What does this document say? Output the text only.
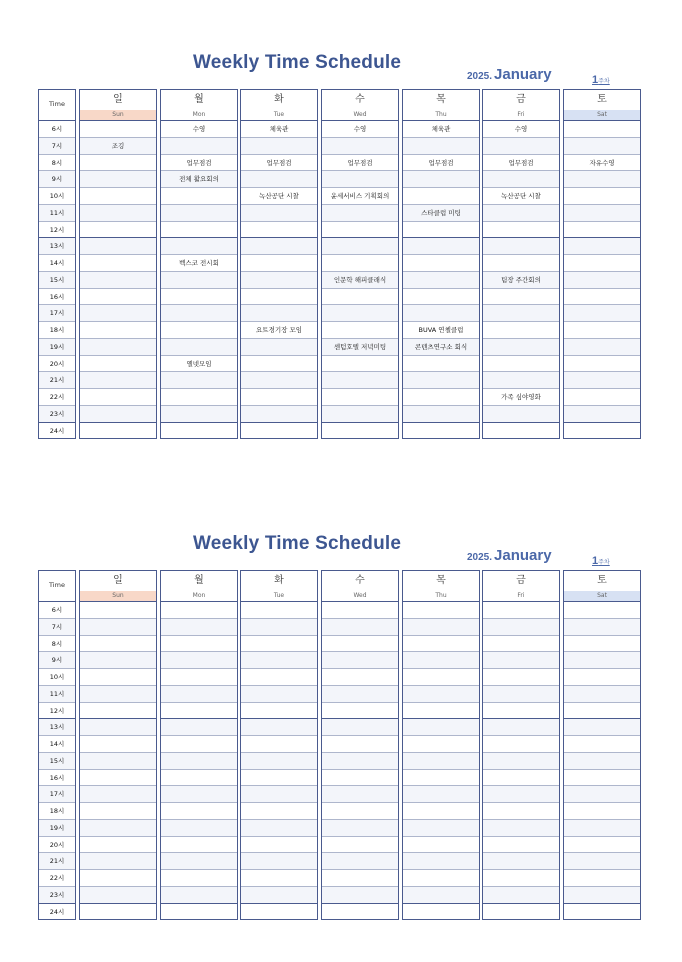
Weekly Time Schedule
2025. January	1주차
Time
6시
7시
8시
9시
10시
11시
12시
13시
14시
15시
16시
17시
18시
19시
20시
21시
22시
23시
24시
일
Sun
조깅
월
Mon
수영
업무점검
전체 활요회의
벡스코 전시회
옐넷모임
화
Tue
체육관
업무점검
녹산공단 시찰
요트경기장 모임
수
Wed
수영
업무점검
윤세서비스 기획회의
인문학 해피클래식
센텀호텔 저녁미팅
목
Thu
체육관
업무점검
스타클럽 미팅
BUVA 연첼클럽
콘텐츠연구소 회식
금
Fri
수영
업무점검
녹산공단 시찰
팀장 주간회의
가족 심야영화
토
Sat
자유수영
Weekly Time Schedule
2025. January	1주차
Time
6시
7시
8시
9시
10시
11시
12시
13시
14시
15시
16시
17시
18시
19시
20시
21시
22시
23시
24시
일
Sun
월
Mon
화
Tue
수
Wed
목
Thu
금
Fri
토
Sat
